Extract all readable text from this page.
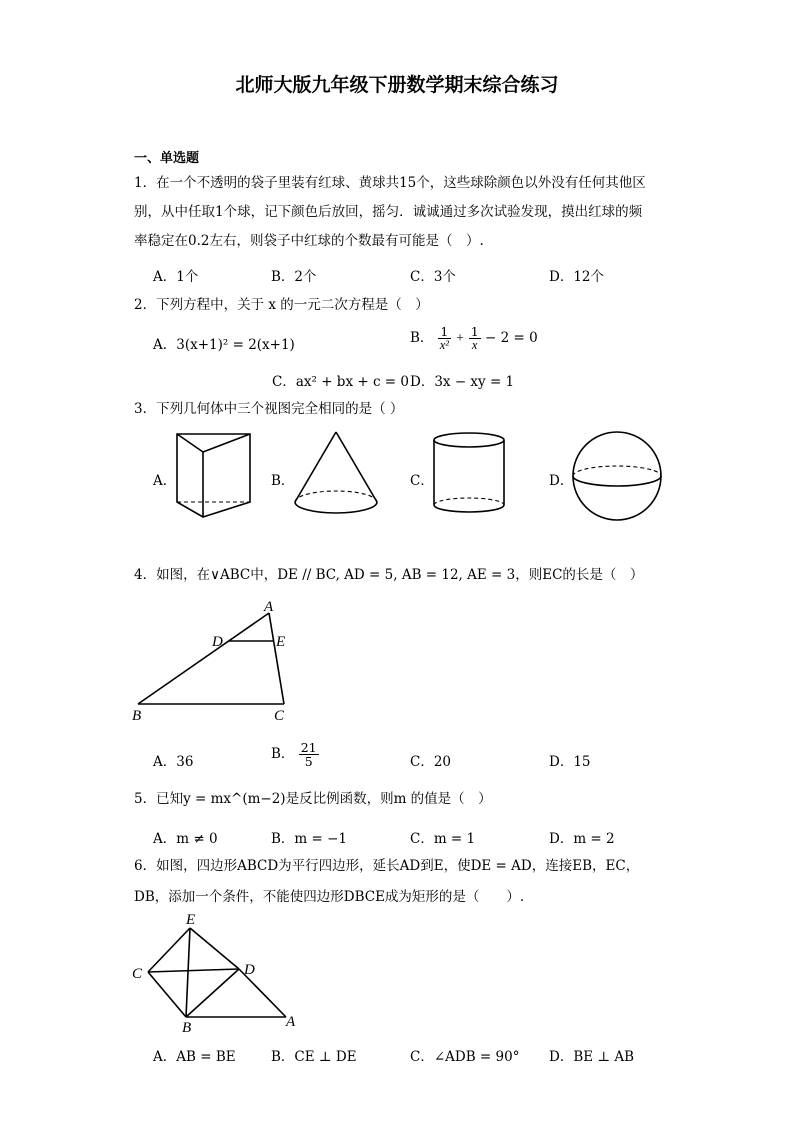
北师大版九年级下册数学期末综合练习
一、单选题
1．在一个不透明的袋子里装有红球、黄球共15个，这些球除颜色以外没有任何其他区
别，从中任取1个球，记下颜色后放回，摇匀．诚诚通过多次试验发现，摸出红球的频
率稳定在0.2左右，则袋子中红球的个数最有可能是（　）.
A．1个	B．2个	C．3个	D．12个
2．下列方程中，关于 x 的一元二次方程是（　）
A．3(x+1)² = 2(x+1)	B． $\frac{1}{\text{x²}} + \frac{1}{x} - 2 = 0$
C．ax² + bx + c = 0 D．3x − xy = 1
3．下列几何体中三个视图完全相同的是（ ）
A．	B．	C．	D．
4．如图，在∨ABC中，DE // BC, AD = 5, AB = 12, AE = 3，则EC的长是（　）
A
D	E
B	C
A．36	B． $\frac{21}{5}$	C．20	D．15
5．已知y = mx^(m−2)是反比例函数，则m 的值是（　）
A．m ≠ 0	B．m = −1	C．m = 1	D．m = 2
6．如图，四边形ABCD为平行四边形，延长AD到E，使DE = AD，连接EB，EC，
DB，添加一个条件，不能使四边形DBCE成为矩形的是（　　）.
E
C	D
B	A
A．AB = BE	B．CE ⊥ DE	C．∠ADB = 90° D．BE ⊥ AB
